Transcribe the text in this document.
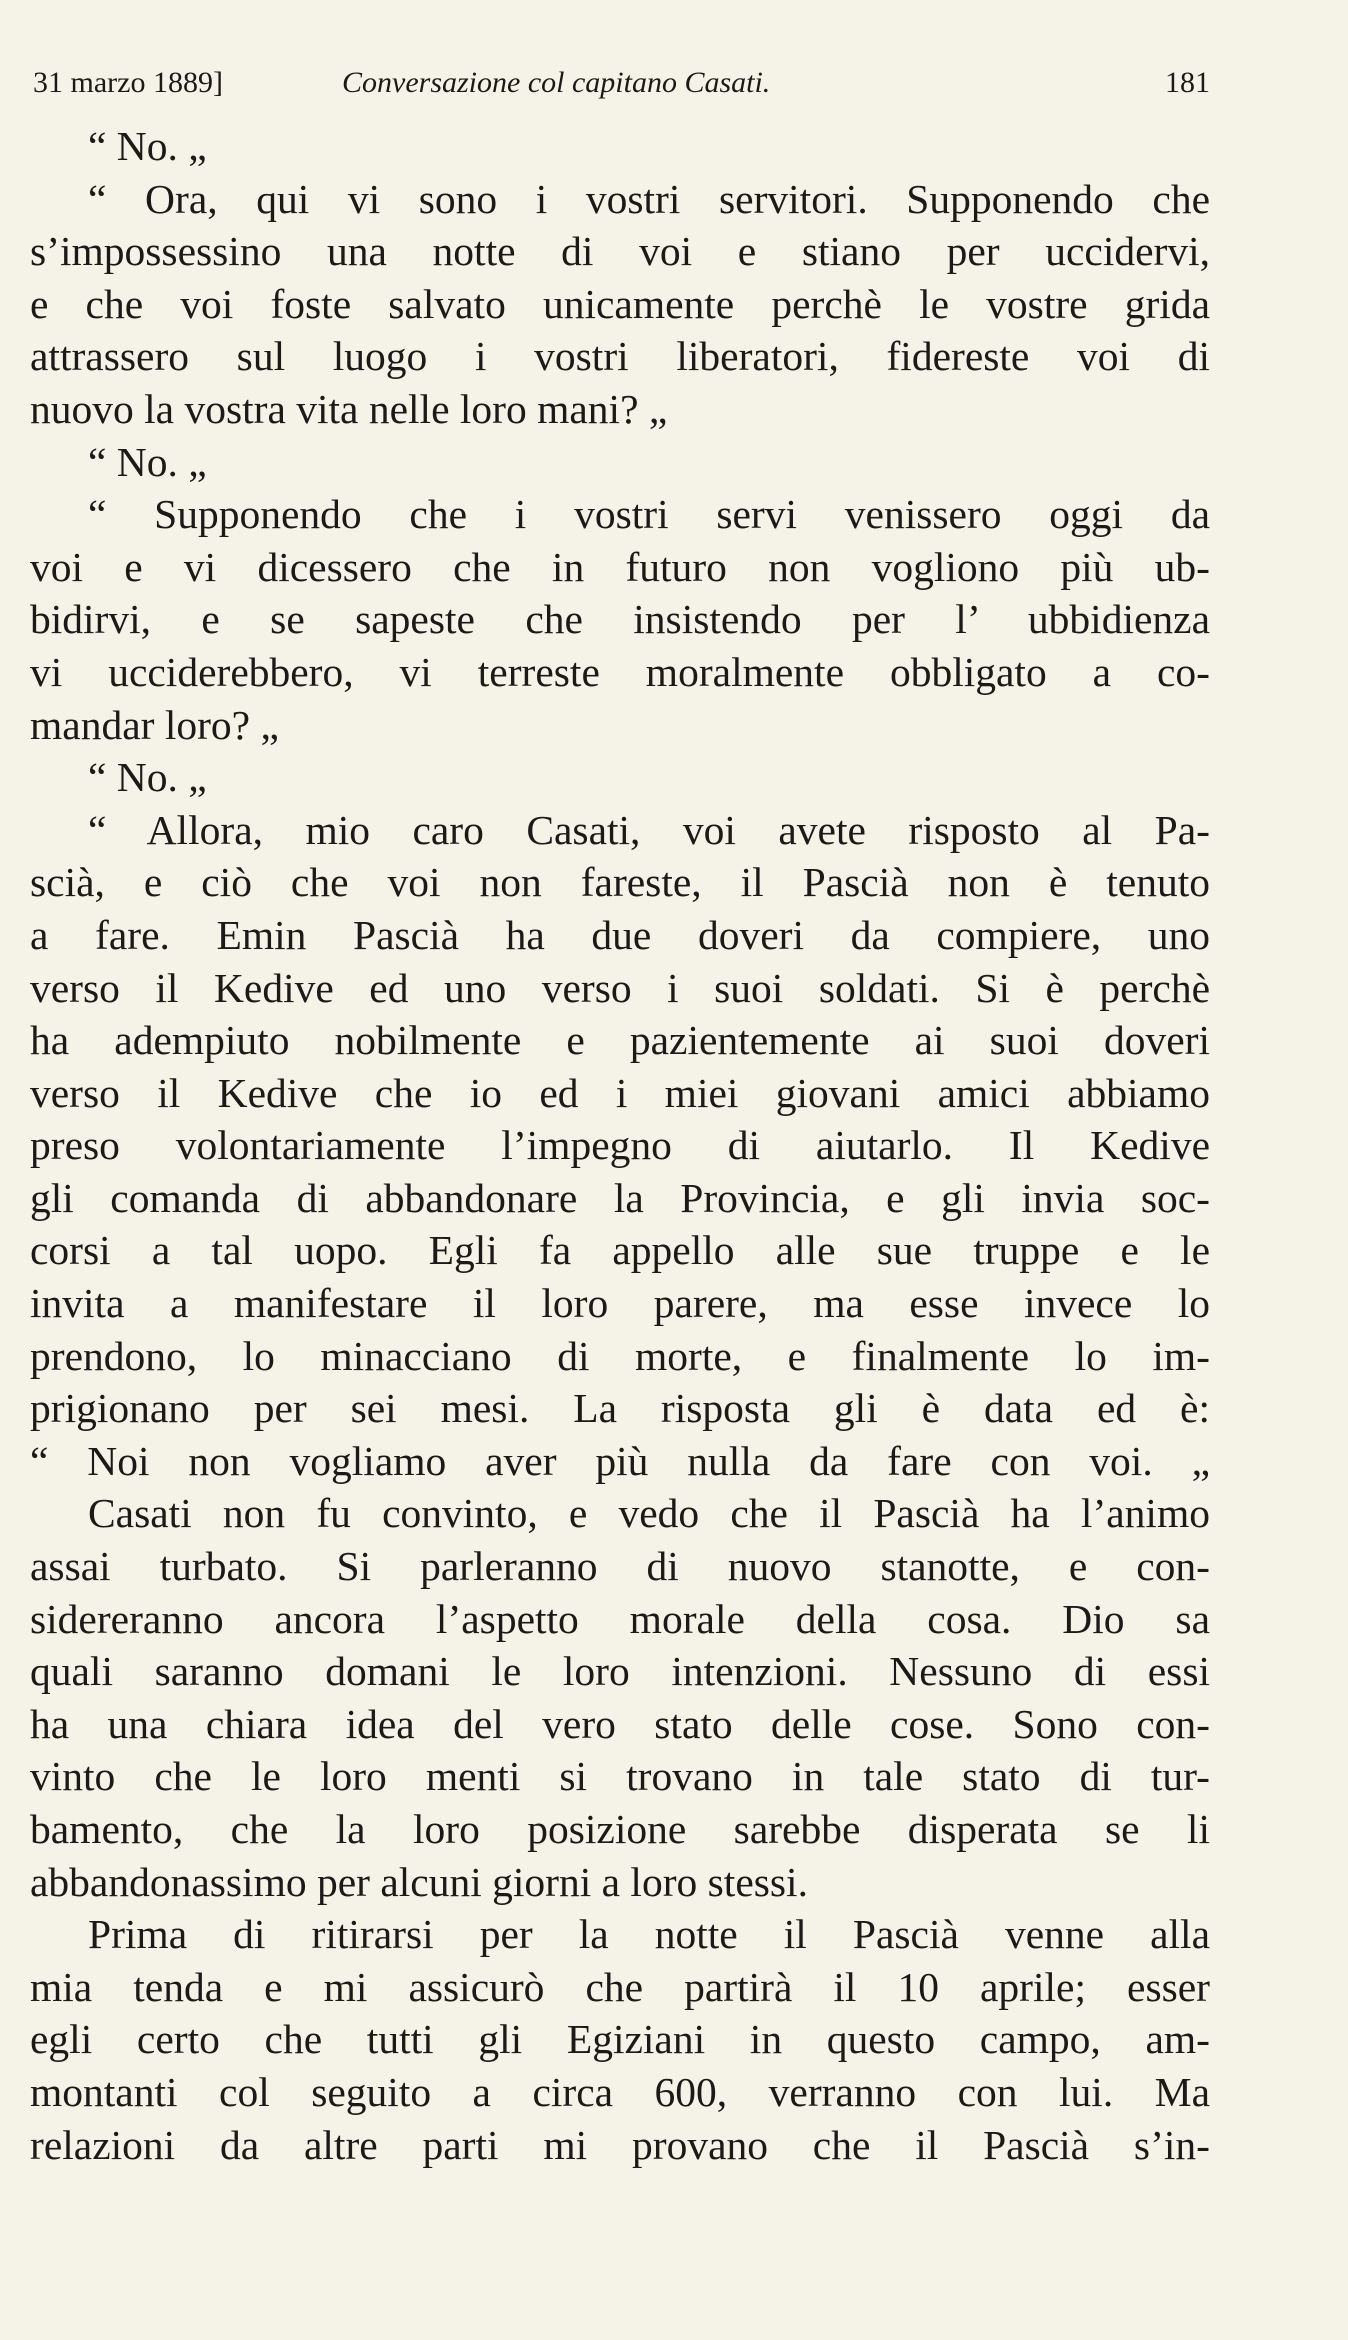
31 marzo 1889]	Conversazione col capitano Casati.	181
“ No. „
“ Ora, qui vi sono i vostri servitori. Supponendo che
s’impossessino una notte di voi e stiano per uccidervi,
e che voi foste salvato unicamente perchè le vostre grida
attrassero sul luogo i vostri liberatori, fidereste voi di
nuovo la vostra vita nelle loro mani? „
“ No. „
“ Supponendo che i vostri servi venissero oggi da
voi e vi dicessero che in futuro non vogliono più ub-
bidirvi, e se sapeste che insistendo per l’ ubbidienza
vi ucciderebbero, vi terreste moralmente obbligato a co-
mandar loro? „
“ No. „
“ Allora, mio caro Casati, voi avete risposto al Pa-
scià, e ciò che voi non fareste, il Pascià non è tenuto
a fare. Emin Pascià ha due doveri da compiere, uno
verso il Kedive ed uno verso i suoi soldati. Si è perchè
ha adempiuto nobilmente e pazientemente ai suoi doveri
verso il Kedive che io ed i miei giovani amici abbiamo
preso volontariamente l’impegno di aiutarlo. Il Kedive
gli comanda di abbandonare la Provincia, e gli invia soc-
corsi a tal uopo. Egli fa appello alle sue truppe e le
invita a manifestare il loro parere, ma esse invece lo
prendono, lo minacciano di morte, e finalmente lo im-
prigionano per sei mesi. La risposta gli è data ed è:
“ Noi non vogliamo aver più nulla da fare con voi. „
Casati non fu convinto, e vedo che il Pascià ha l’animo
assai turbato. Si parleranno di nuovo stanotte, e con-
sidereranno ancora l’aspetto morale della cosa. Dio sa
quali saranno domani le loro intenzioni. Nessuno di essi
ha una chiara idea del vero stato delle cose. Sono con-
vinto che le loro menti si trovano in tale stato di tur-
bamento, che la loro posizione sarebbe disperata se li
abbandonassimo per alcuni giorni a loro stessi.
Prima di ritirarsi per la notte il Pascià venne alla
mia tenda e mi assicurò che partirà il 10 aprile; esser
egli certo che tutti gli Egiziani in questo campo, am-
montanti col seguito a circa 600, verranno con lui. Ma
relazioni da altre parti mi provano che il Pascià s’in-
